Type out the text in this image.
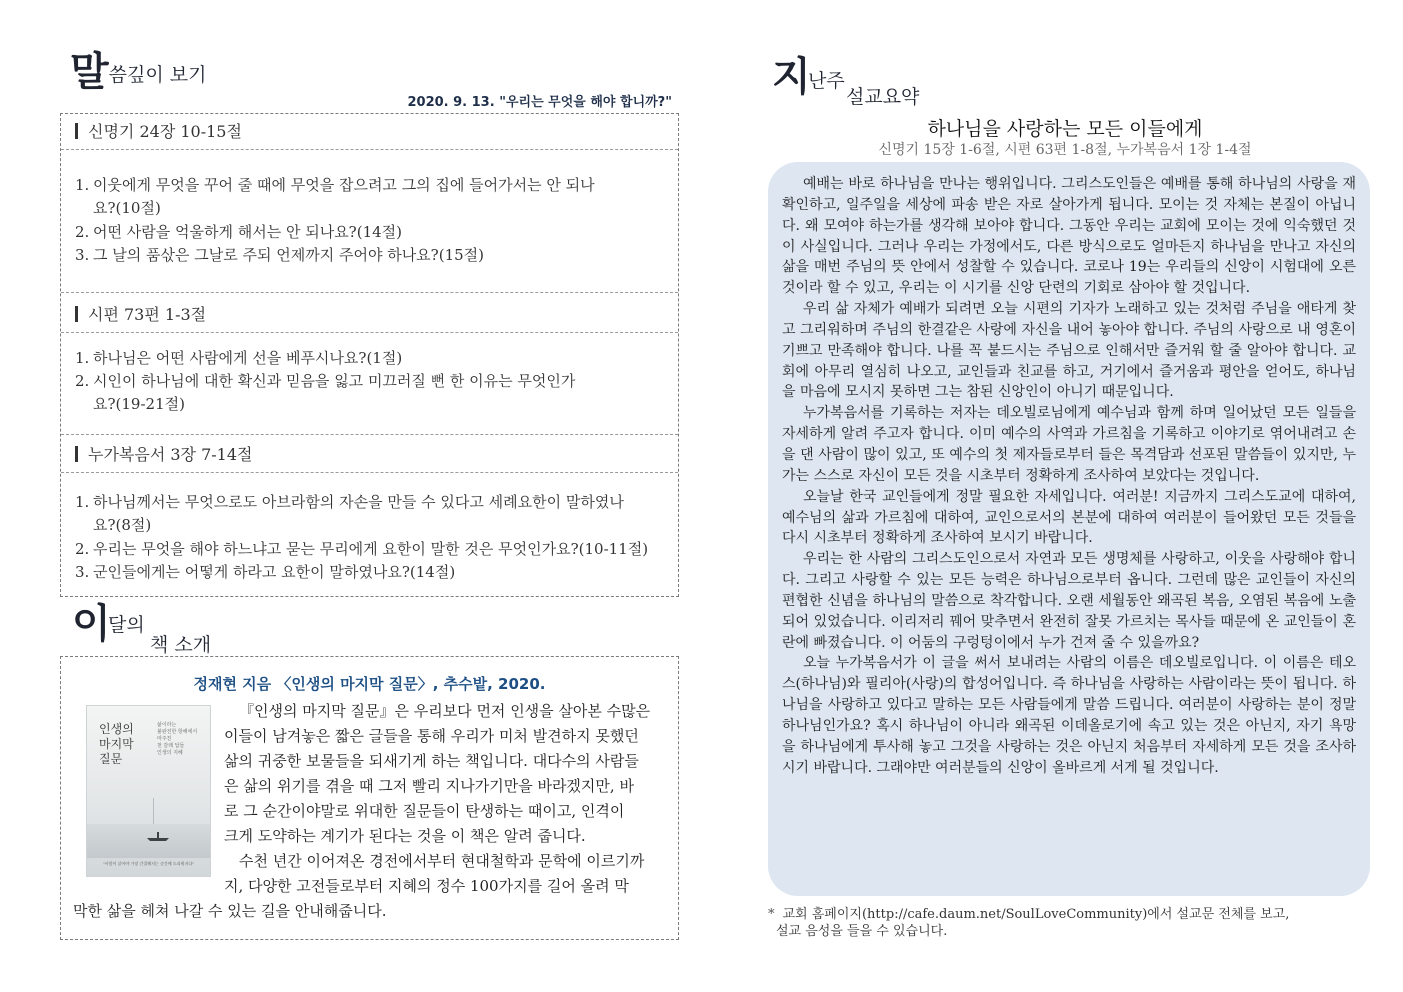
말씀깊이 보기
2020. 9. 13. "우리는 무엇을 해야 합니까?"
신명기 24장 10-15절
1. 이웃에게 무엇을 꾸어 줄 때에 무엇을 잡으려고 그의 집에 들어가서는 안 되나
요?(10절)
2. 어떤 사람을 억울하게 해서는 안 되나요?(14절)
3. 그 날의 품삯은 그날로 주되 언제까지 주어야 하나요?(15절)
시편 73편 1-3절
1. 하나님은 어떤 사람에게 선을 베푸시나요?(1절)
2. 시인이 하나님에 대한 확신과 믿음을 잃고 미끄러질 뻔 한 이유는 무엇인가
요?(19-21절)
누가복음서 3장 7-14절
1. 하나님께서는 무엇으로도 아브라함의 자손을 만들 수 있다고 세례요한이 말하였나
요?(8절)
2. 우리는 무엇을 해야 하느냐고 묻는 무리에게 요한이 말한 것은 무엇인가요?(10-11절)
3. 군인들에게는 어떻게 하라고 요한이 말하였나요?(14절)
이
달의
책 소개
정재현 지음 〈인생의 마지막 질문〉, 추수밭, 2020.
인생의
마지막
질문
삶이라는
불완전한 항해에서
마주친
천 갈래 답들
인생의 지혜
"사람이 살아야 가장 간절해지는 순간에 드리워지다"
『인생의 마지막 질문』은 우리보다 먼저 인생을 살아본 수많은
이들이 남겨놓은 짧은 글들을 통해 우리가 미처 발견하지 못했던
삶의 귀중한 보물들을 되새기게 하는 책입니다. 대다수의 사람들
은 삶의 위기를 겪을 때 그저 빨리 지나가기만을 바라겠지만, 바
로 그 순간이야말로 위대한 질문들이 탄생하는 때이고, 인격이
크게 도약하는 계기가 된다는 것을 이 책은 알려 줍니다.
수천 년간 이어져온 경전에서부터 현대철학과 문학에 이르기까
지, 다양한 고전들로부터 지혜의 정수 100가지를 길어 올려 막
막한 삶을 헤쳐 나갈 수 있는 길을 안내해줍니다.
지
난주
설교요약
하나님을 사랑하는 모든 이들에게
신명기 15장 1-6절, 시편 63편 1-8절, 누가복음서 1장 1-4절

예배는 바로 하나님을 만나는 행위입니다. 그리스도인들은 예배를 통해 하나님의 사랑을 재확인하고, 일주일을 세상에 파송 받은 자로 살아가게 됩니다. 모이는 것 자체는 본질이 아닙니다. 왜 모여야 하는가를 생각해 보아야 합니다. 그동안 우리는 교회에 모이는 것에 익숙했던 것이 사실입니다. 그러나 우리는 가정에서도, 다른 방식으로도 얼마든지 하나님을 만나고 자신의 삶을 매번 주님의 뜻 안에서 성찰할 수 있습니다. 코로나 19는 우리들의 신앙이 시험대에 오른 것이라 할 수 있고, 우리는 이 시기를 신앙 단련의 기회로 삼아야 할 것입니다.

우리 삶 자체가 예배가 되려면 오늘 시편의 기자가 노래하고 있는 것처럼 주님을 애타게 찾고 그리워하며 주님의 한결같은 사랑에 자신을 내어 놓아야 합니다. 주님의 사랑으로 내 영혼이 기쁘고 만족해야 합니다. 나를 꼭 붙드시는 주님으로 인해서만 즐거워 할 줄 알아야 합니다. 교회에 아무리 열심히 나오고, 교인들과 친교를 하고, 거기에서 즐거움과 평안을 얻어도, 하나님을 마음에 모시지 못하면 그는 참된 신앙인이 아니기 때문입니다.

누가복음서를 기록하는 저자는 데오빌로님에게 예수님과 함께 하며 일어났던 모든 일들을 자세하게 알려 주고자 합니다. 이미 예수의 사역과 가르침을 기록하고 이야기로 엮어내려고 손을 댄 사람이 많이 있고, 또 예수의 첫 제자들로부터 들은 목격담과 선포된 말씀들이 있지만, 누가는 스스로 자신이 모든 것을 시초부터 정확하게 조사하여 보았다는 것입니다.

오늘날 한국 교인들에게 정말 필요한 자세입니다. 여러분! 지금까지 그리스도교에 대하여, 예수님의 삶과 가르침에 대하여, 교인으로서의 본분에 대하여 여러분이 들어왔던 모든 것들을 다시 시초부터 정확하게 조사하여 보시기 바랍니다.

우리는 한 사람의 그리스도인으로서 자연과 모든 생명체를 사랑하고, 이웃을 사랑해야 합니다. 그리고 사랑할 수 있는 모든 능력은 하나님으로부터 옵니다. 그런데 많은 교인들이 자신의 편협한 신념을 하나님의 말씀으로 착각합니다. 오랜 세월동안 왜곡된 복음, 오염된 복음에 노출되어 있었습니다. 이리저리 꿰어 맞추면서 완전히 잘못 가르치는 목사들 때문에 온 교인들이 혼란에 빠졌습니다. 이 어둠의 구렁텅이에서 누가 건져 줄 수 있을까요?

오늘 누가복음서가 이 글을 써서 보내려는 사람의 이름은 데오빌로입니다. 이 이름은 테오스(하나님)와 필리아(사랑)의 합성어입니다. 즉 하나님을 사랑하는 사람이라는 뜻이 됩니다. 하나님을 사랑하고 있다고 말하는 모든 사람들에게 말씀 드립니다. 여러분이 사랑하는 분이 정말 하나님인가요? 혹시 하나님이 아니라 왜곡된 이데올로기에 속고 있는 것은 아닌지, 자기 욕망을 하나님에게 투사해 놓고 그것을 사랑하는 것은 아닌지 처음부터 자세하게 모든 것을 조사하시기 바랍니다. 그래야만 여러분들의 신앙이 올바르게 서게 될 것입니다.

* 교회 홈페이지(http://cafe.daum.net/SoulLoveCommunity)에서 설교문 전체를 보고,
설교 음성을 들을 수 있습니다.
